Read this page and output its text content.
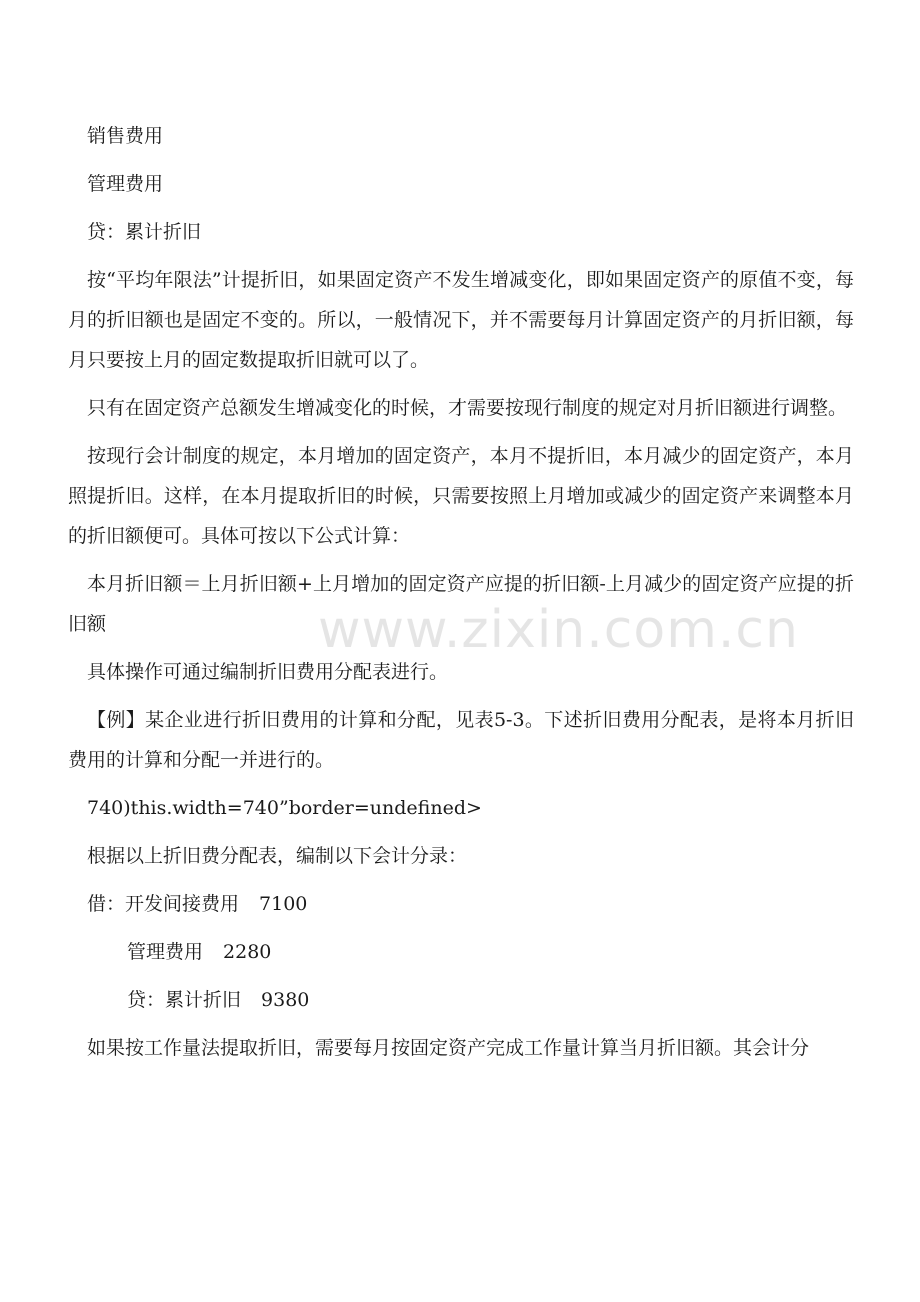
www.zixin.com.cn
销售费用
管理费用
贷：累计折旧

按“平均年限法”计提折旧，如果固定资产不发生增减变化，即如果固定资产的原值不变，每月的折旧额也是固定不变的。所以，一般情况下，并不需要每月计算固定资产的月折旧额，每月只要按上月的固定数提取折旧就可以了。

只有在固定资产总额发生增减变化的时候，才需要按现行制度的规定对月折旧额进行调整。

按现行会计制度的规定，本月增加的固定资产，本月不提折旧，本月减少的固定资产，本月照提折旧。这样，在本月提取折旧的时候，只需要按照上月增加或减少的固定资产来调整本月的折旧额便可。具体可按以下公式计算：

本月折旧额＝上月折旧额+上月增加的固定资产应提的折旧额-上月减少的固定资产应提的折旧额

具体操作可通过编制折旧费用分配表进行。

【例】某企业进行折旧费用的计算和分配，见表5-3。下述折旧费用分配表，是将本月折旧费用的计算和分配一并进行的。

740)this.width=740”border=undefined>
根据以上折旧费分配表，编制以下会计分录：
借：开发间接费用 7100
管理费用 2280
贷：累计折旧 9380

如果按工作量法提取折旧，需要每月按固定资产完成工作量计算当月折旧额。其会计分
